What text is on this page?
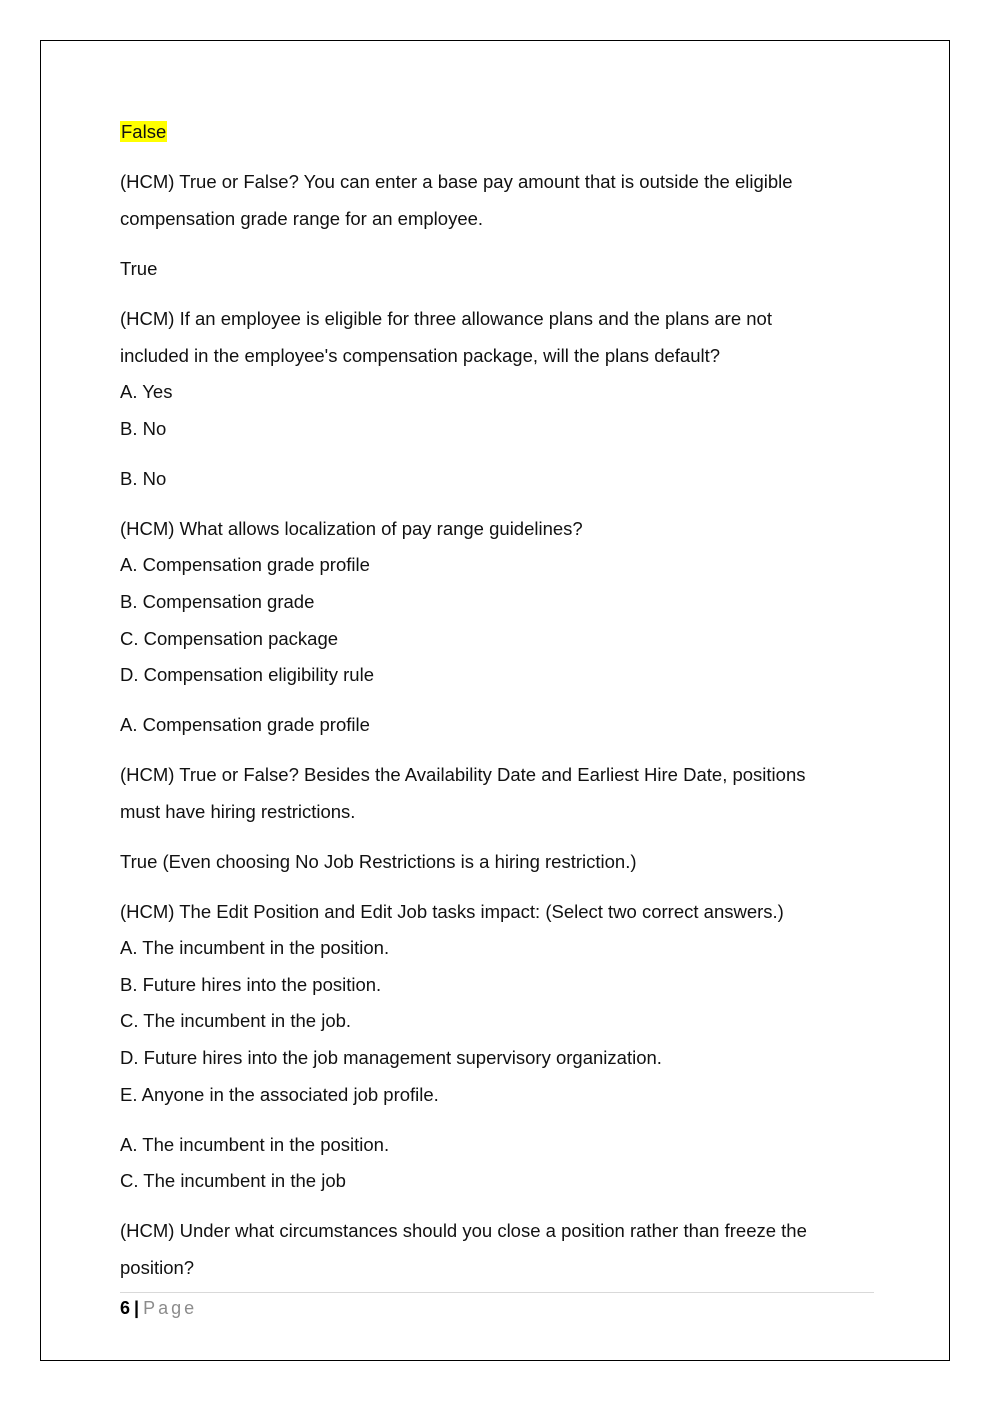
False
(HCM) True or False? You can enter a base pay amount that is outside the eligible
compensation grade range for an employee.
True
(HCM) If an employee is eligible for three allowance plans and the plans are not
included in the employee's compensation package, will the plans default?
A. Yes
B. No
B. No
(HCM) What allows localization of pay range guidelines?
A. Compensation grade profile
B. Compensation grade
C. Compensation package
D. Compensation eligibility rule
A. Compensation grade profile
(HCM) True or False? Besides the Availability Date and Earliest Hire Date, positions
must have hiring restrictions.
True (Even choosing No Job Restrictions is a hiring restriction.)
(HCM) The Edit Position and Edit Job tasks impact: (Select two correct answers.)
A. The incumbent in the position.
B. Future hires into the position.
C. The incumbent in the job.
D. Future hires into the job management supervisory organization.
E. Anyone in the associated job profile.
A. The incumbent in the position.
C. The incumbent in the job
(HCM) Under what circumstances should you close a position rather than freeze the
position?
6 | Page
